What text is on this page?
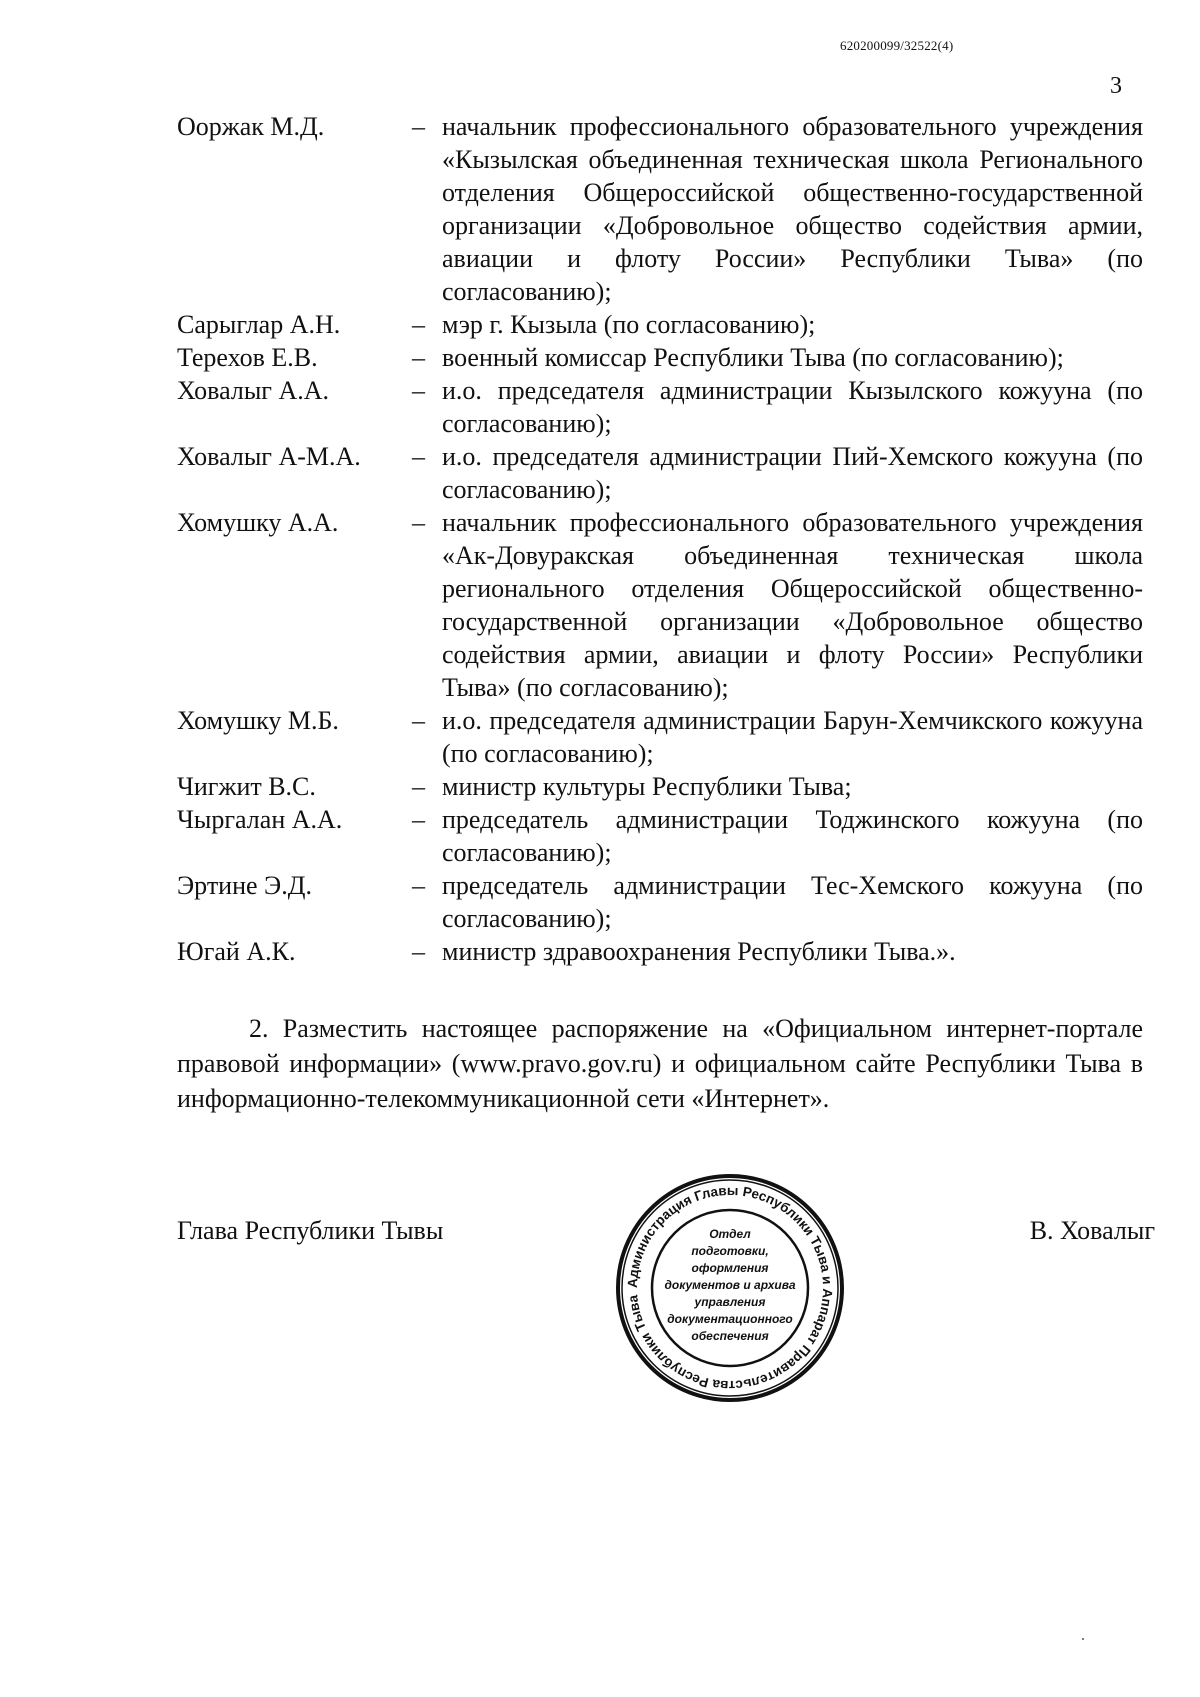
620200099/32522(4)
3
Ооржак М.Д.	– начальник профессионального образовательного учреждения «Кызылская объединенная техническая школа Регионального отделения Общероссийской общественно-государственной организации «Добровольное общество содействия армии, авиации и флоту России» Республики Тыва» (по согласованию);
Сарыглар А.Н.	– мэр г. Кызыла (по согласованию);
Терехов Е.В.	– военный комиссар Республики Тыва (по согласованию);
Ховалыг А.А.	– и.о. председателя администрации Кызылского кожууна (по согласованию);
Ховалыг А-М.А.	– и.о. председателя администрации Пий-Хемского кожууна (по согласованию);
Хомушку А.А.	– начальник профессионального образовательного учреждения «Ак-Довуракская объединенная техническая школа регионального отделения Общероссийской общественно-государственной организации «Добровольное общество содействия армии, авиации и флоту России» Республики Тыва» (по согласованию);
Хомушку М.Б.	– и.о. председателя администрации Барун-Хемчикского кожууна (по согласованию);
Чигжит В.С.	– министр культуры Республики Тыва;
Чыргалан А.А.	– председатель администрации Тоджинского кожууна (по согласованию);
Эртине Э.Д.	– председатель администрации Тес-Хемского кожууна (по согласованию);
Югай А.К.	– министр здравоохранения Республики Тыва.».
2. Разместить настоящее распоряжение на «Официальном интернет-портале правовой информации» (www.pravo.gov.ru) и официальном сайте Республики Тыва в информационно-телекоммуникационной сети «Интернет».
Глава Республики Тывы
Администрация Главы Республики Тыва и Аппарат Правительства Республики Тыва
Отдел
подготовки,
оформления
документов и архива
управления
документационного
обеспечения
В. Ховалыг
